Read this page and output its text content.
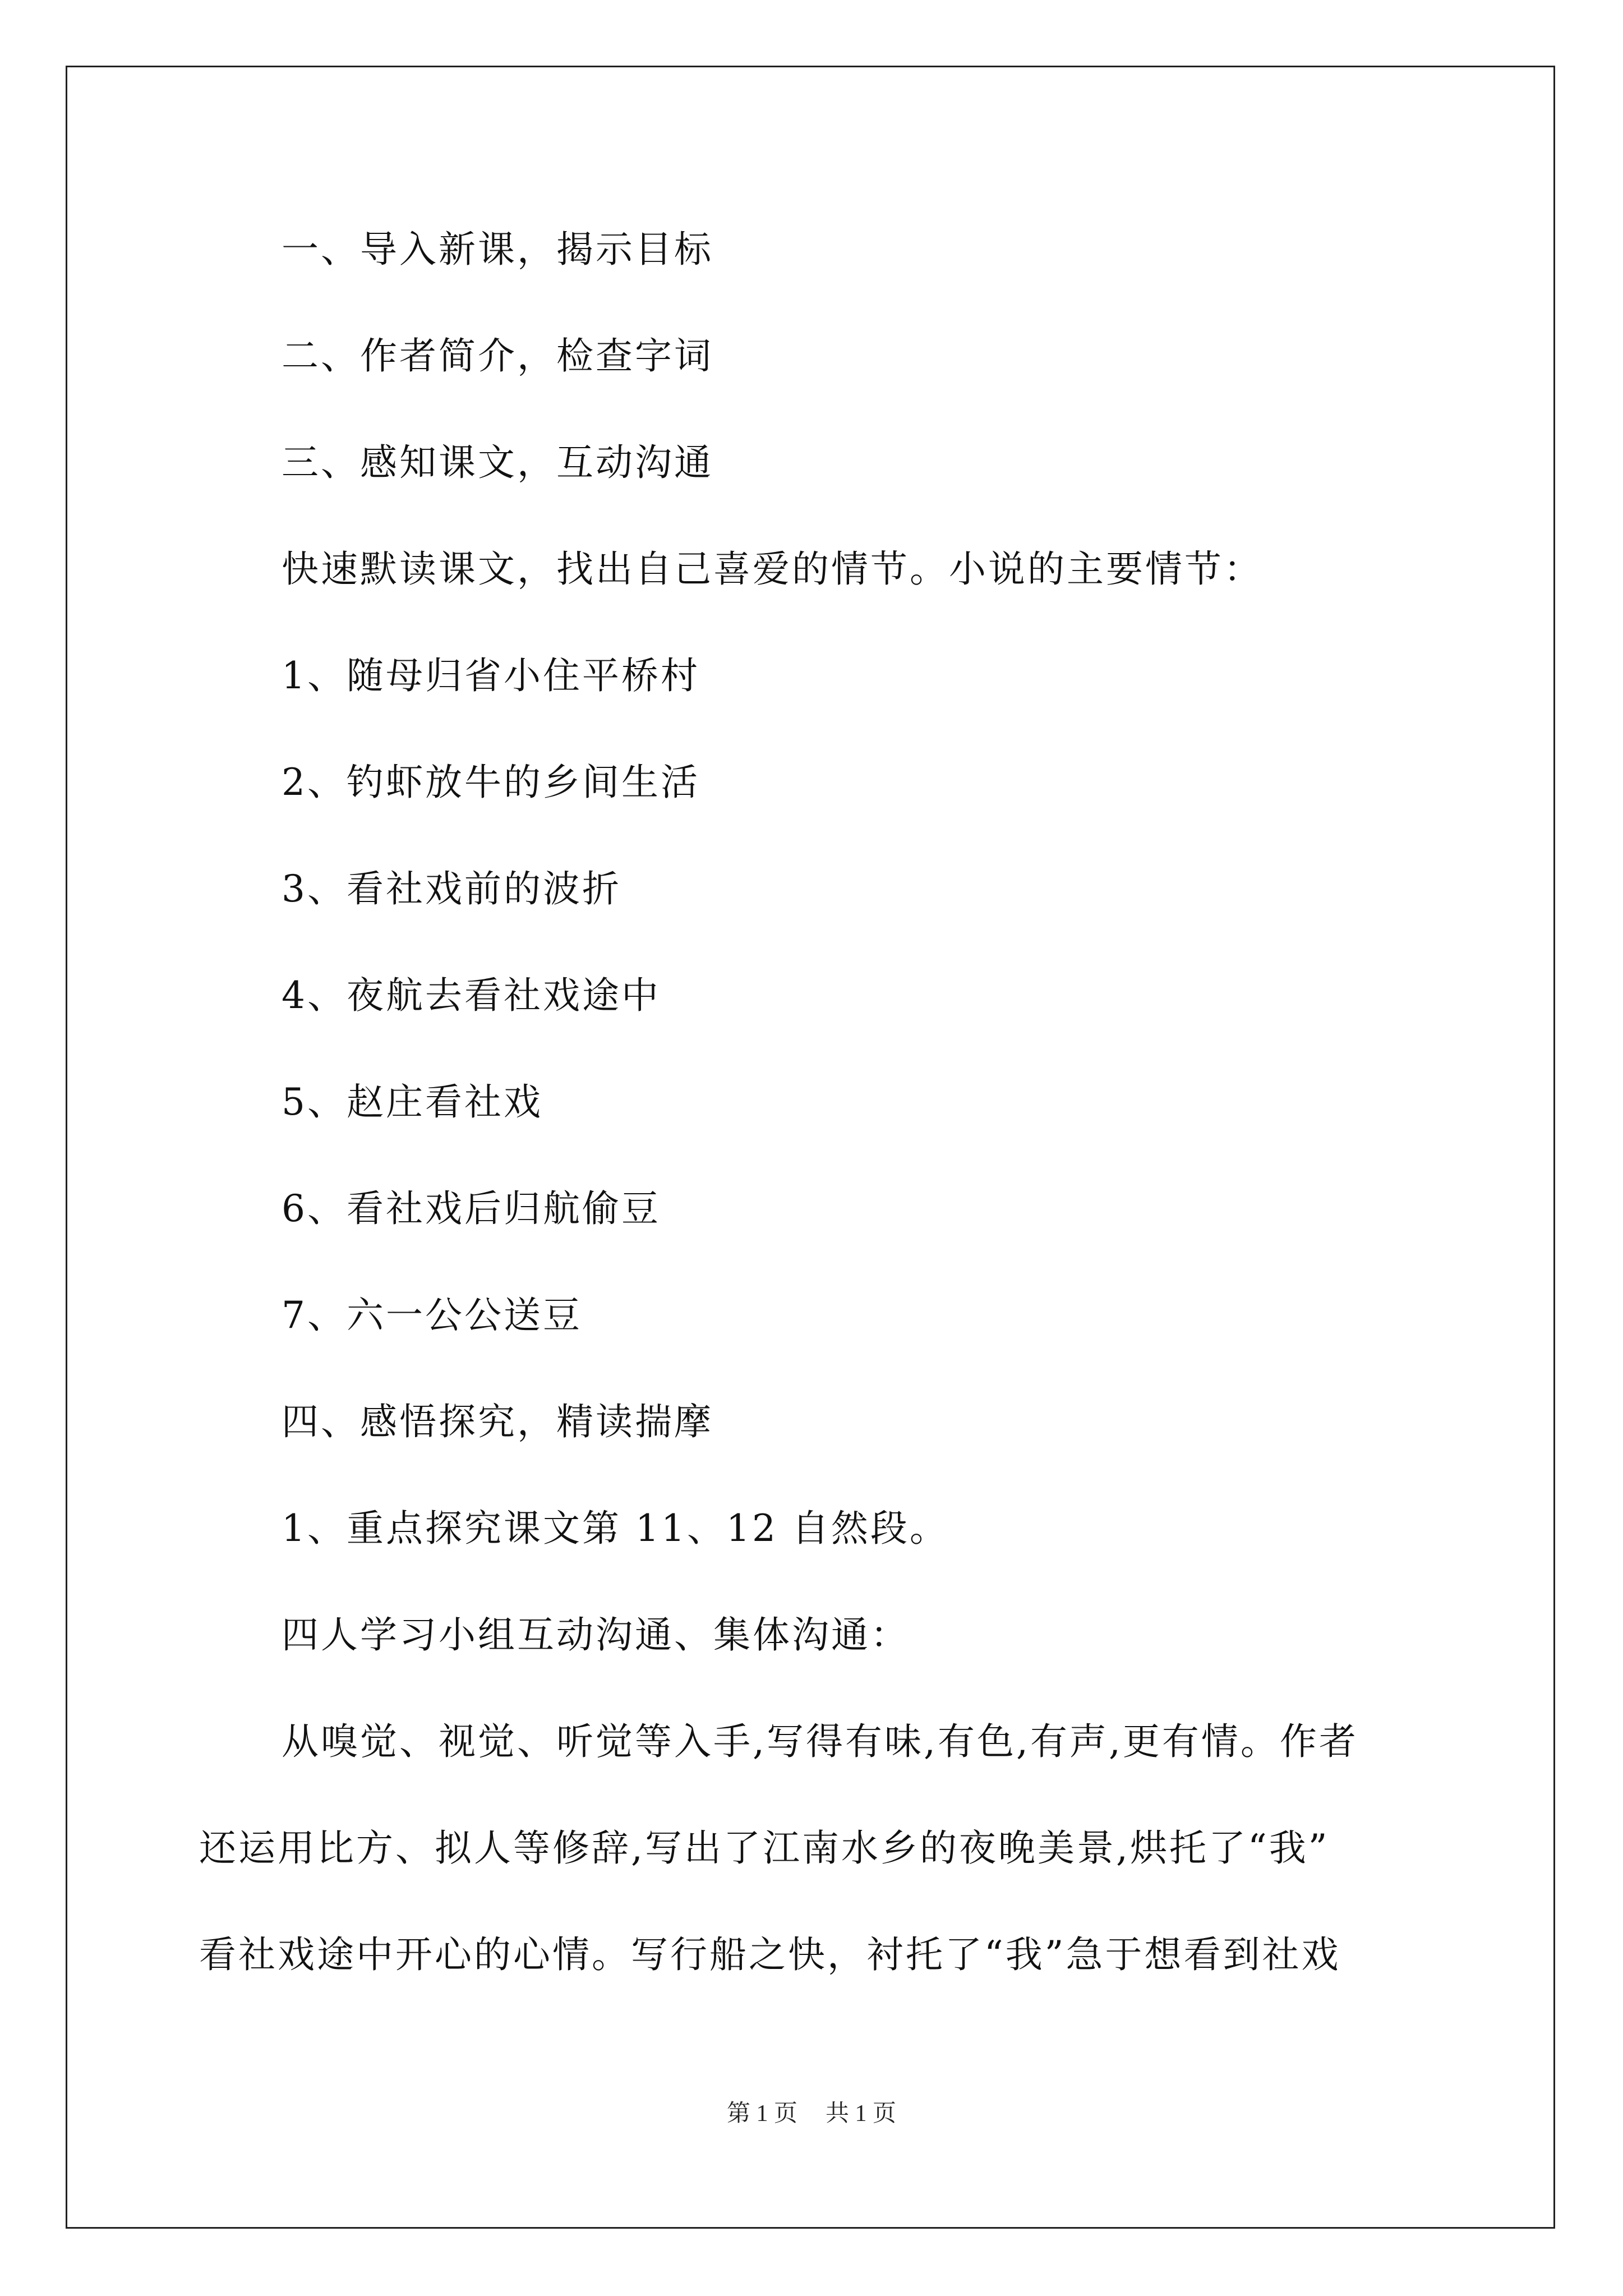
一、导入新课，揭示目标
二、作者简介，检查字词
三、感知课文，互动沟通
快速默读课文，找出自己喜爱的情节。小说的主要情节：
1、随母归省小住平桥村
2、钓虾放牛的乡间生活
3、看社戏前的波折
4、夜航去看社戏途中
5、赵庄看社戏
6、看社戏后归航偷豆
7、六一公公送豆
四、感悟探究，精读揣摩
1、重点探究课文第 11、12 自然段。
四人学习小组互动沟通、集体沟通：
从嗅觉、视觉、听觉等入手,写得有味,有色,有声,更有情。作者
还运用比方、拟人等修辞,写出了江南水乡的夜晚美景,烘托了“我”
看社戏途中开心的心情。写行船之快，衬托了“我”急于想看到社戏
第 1 页 共 1 页
